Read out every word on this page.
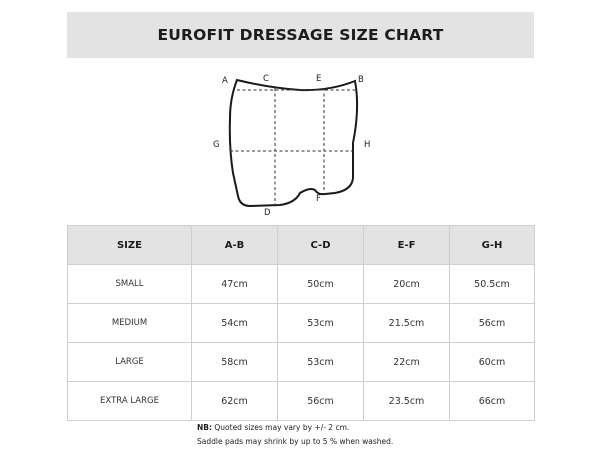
EUROFIT DRESSAGE SIZE CHART
A	C	E	B
G	H
F
D
SIZE	A-B	C-D	E-F	G-H
SMALL	47cm	50cm	20cm	50.5cm
MEDIUM	54cm	53cm	21.5cm	56cm
LARGE	58cm	53cm	22cm	60cm
EXTRA LARGE	62cm	56cm	23.5cm	66cm
NB: Quoted sizes may vary by +/- 2 cm.
Saddle pads may shrink by up to 5 % when washed.
